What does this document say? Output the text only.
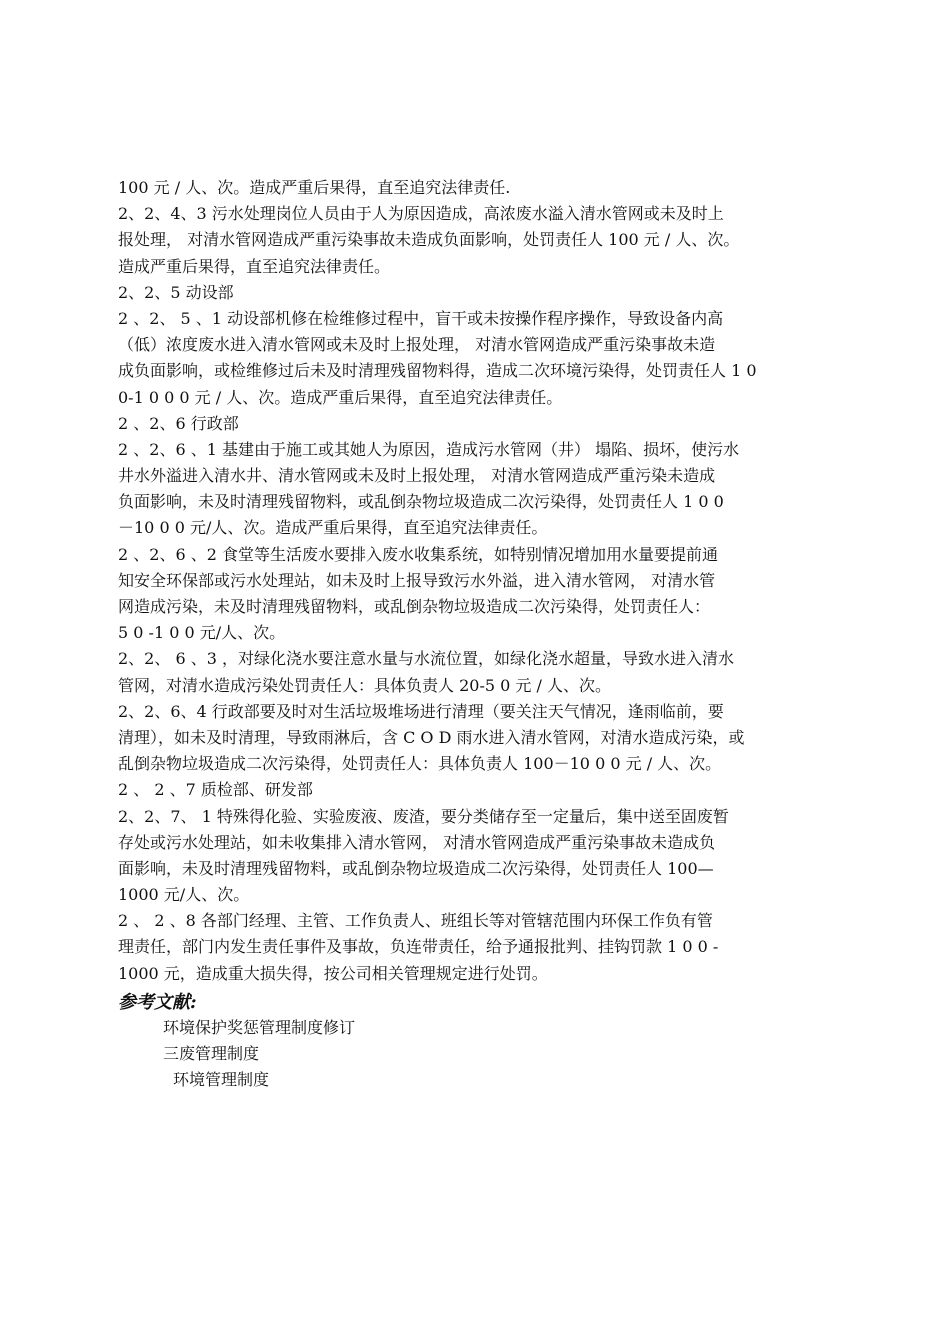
100 元 / 人、次。造成严重后果得，直至追究法律责任.
2、2、4、3 污水处理岗位人员由于人为原因造成，高浓废水溢入清水管网或未及时上
报处理， 对清水管网造成严重污染事故未造成负面影响，处罚责任人 100 元 / 人、次。
造成严重后果得，直至追究法律责任。
2、2、5 动设部
2 、2、 5 、1 动设部机修在检维修过程中，盲干或未按操作程序操作，导致设备内高
（低）浓度废水进入清水管网或未及时上报处理， 对清水管网造成严重污染事故未造
成负面影响，或检维修过后未及时清理残留物料得，造成二次环境污染得，处罚责任人 1 0
0-1 0 0 0 元 / 人、次。造成严重后果得，直至追究法律责任。
2 、2、6 行政部
2 、2、6 、1 基建由于施工或其她人为原因，造成污水管网（井） 塌陷、损坏，使污水
井水外溢进入清水井、清水管网或未及时上报处理， 对清水管网造成严重污染未造成
负面影响，未及时清理残留物料，或乱倒杂物垃圾造成二次污染得，处罚责任人 1 0 0
－10 0 0 元/人、次。造成严重后果得，直至追究法律责任。
2 、2、6 、2 食堂等生活废水要排入废水收集系统，如特别情况增加用水量要提前通
知安全环保部或污水处理站，如未及时上报导致污水外溢，进入清水管网， 对清水管
网造成污染，未及时清理残留物料，或乱倒杂物垃圾造成二次污染得，处罚责任人：
5 0 -1 0 0 元/人、次。
2、2、 6 、3 ，对绿化浇水要注意水量与水流位置，如绿化浇水超量，导致水进入清水
管网，对清水造成污染处罚责任人：具体负责人 20-5 0 元 / 人、次。
2、2、6、4 行政部要及时对生活垃圾堆场进行清理（要关注天气情况，逢雨临前，要
清理），如未及时清理，导致雨淋后，含 C O D 雨水进入清水管网，对清水造成污染，或
乱倒杂物垃圾造成二次污染得，处罚责任人：具体负责人 100－10 0 0 元 / 人、次。
2 、 2 、7 质检部、研发部
2、2、7、 1 特殊得化验、实验废液、废渣，要分类储存至一定量后，集中送至固废暂
存处或污水处理站，如未收集排入清水管网， 对清水管网造成严重污染事故未造成负
面影响，未及时清理残留物料，或乱倒杂物垃圾造成二次污染得，处罚责任人 100—
1000 元/人、次。
2 、 2 、8 各部门经理、主管、工作负责人、班组长等对管辖范围内环保工作负有管
理责任，部门内发生责任事件及事故，负连带责任，给予通报批判、挂钩罚款 1 0 0 -
1000 元，造成重大损失得，按公司相关管理规定进行处罚。
参考文献:
环境保护奖惩管理制度修订
三废管理制度
环境管理制度
